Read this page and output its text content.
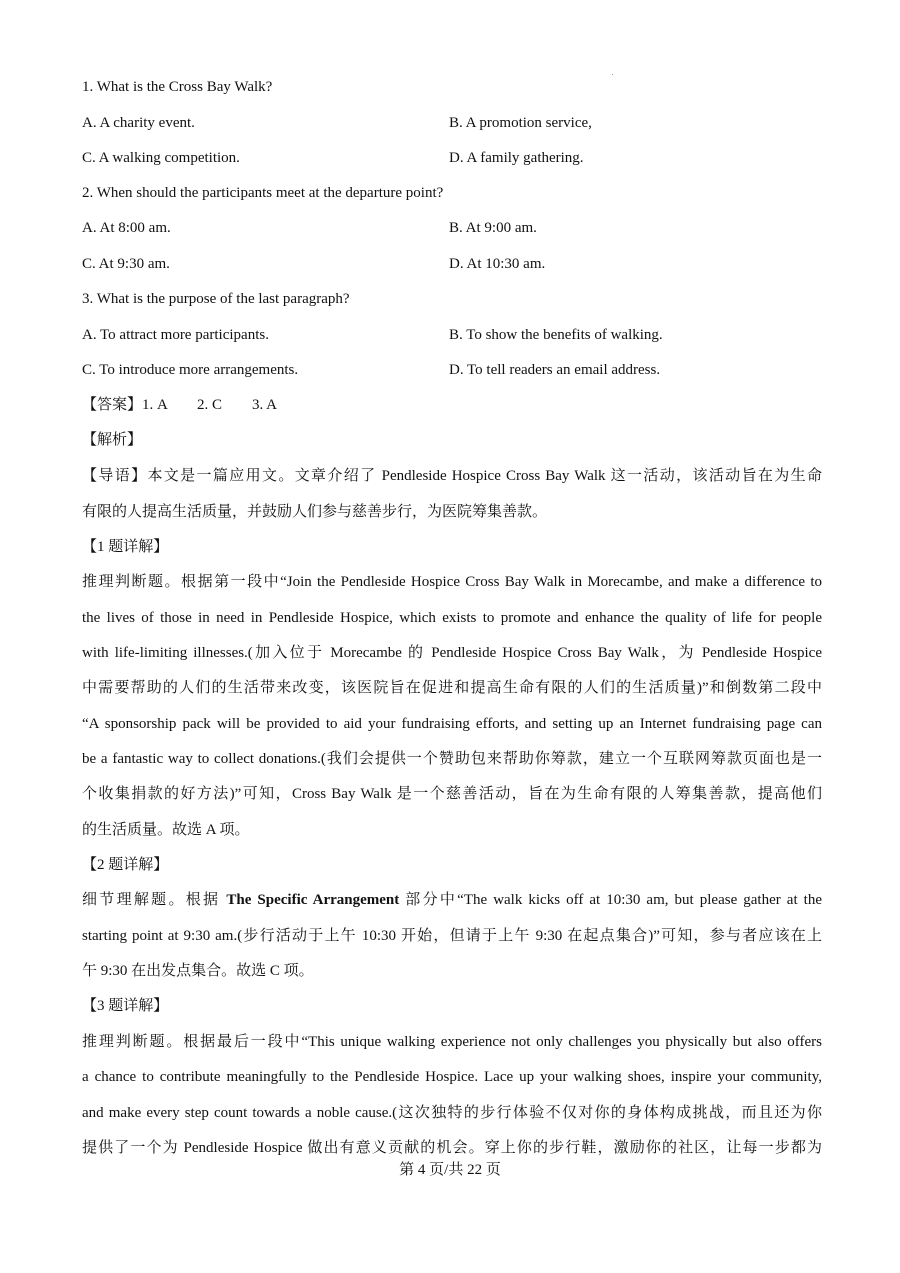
1. What is the Cross Bay Walk?
A. A charity event.	B. A promotion service,
C. A walking competition.	D. A family gathering.
2. When should the participants meet at the departure point?
A. At 8:00 am.	B. At 9:00 am.
C. At 9:30 am.	D. At 10:30 am.
3. What is the purpose of the last paragraph?
A. To attract more participants.	B. To show the benefits of walking.
C. To introduce more arrangements.	D. To tell readers an email address.
【答案】1. A　　2. C　　3. A
【解析】
【导语】本文是一篇应用文。文章介绍了 Pendleside Hospice Cross Bay Walk 这一活动，该活动旨在为生命
有限的人提高生活质量，并鼓励人们参与慈善步行，为医院筹集善款。
【1 题详解】
推理判断题。根据第一段中“Join the Pendleside Hospice Cross Bay Walk in Morecambe, and make a difference to
the lives of those in need in Pendleside Hospice, which exists to promote and enhance the quality of life for people
with life-limiting illnesses.(加入位于 Morecambe 的 Pendleside Hospice Cross Bay Walk，为 Pendleside Hospice
中需要帮助的人们的生活带来改变，该医院旨在促进和提高生命有限的人们的生活质量)”和倒数第二段中
“A sponsorship pack will be provided to aid your fundraising efforts, and setting up an Internet fundraising page can
be a fantastic way to collect donations.(我们会提供一个赞助包来帮助你筹款，建立一个互联网筹款页面也是一
个收集捐款的好方法)”可知，Cross Bay Walk 是一个慈善活动，旨在为生命有限的人筹集善款，提高他们
的生活质量。故选 A 项。
【2 题详解】
细节理解题。根据 The Specific Arrangement 部分中“The walk kicks off at 10:30 am, but please gather at the
starting point at 9:30 am.(步行活动于上午 10:30 开始，但请于上午 9:30 在起点集合)”可知，参与者应该在上
午 9:30 在出发点集合。故选 C 项。
【3 题详解】
推理判断题。根据最后一段中“This unique walking experience not only challenges you physically but also offers
a chance to contribute meaningfully to the Pendleside Hospice. Lace up your walking shoes, inspire your community,
and make every step count towards a noble cause.(这次独特的步行体验不仅对你的身体构成挑战，而且还为你
提供了一个为 Pendleside Hospice 做出有意义贡献的机会。穿上你的步行鞋，激励你的社区，让每一步都为
第 4 页/共 22 页
